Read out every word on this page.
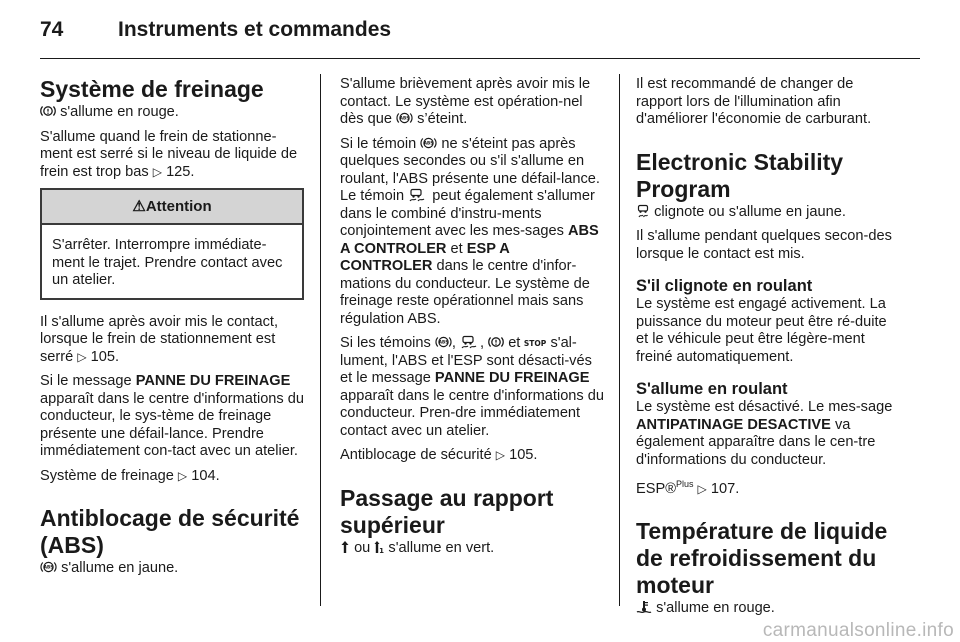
74	Instruments et commandes
Système de freinage

s'allume en rouge.

S'allume quand le frein de stationne-ment est serré si le niveau de liquide de frein est trop bas ▷ 125.

⚠Attention
S'arrêter. Interrompre immédiate-ment le trajet. Prendre contact avec un atelier.

Il s'allume après avoir mis le contact, lorsque le frein de stationnement est serré ▷ 105.

Si le message PANNE DU FREINAGE apparaît dans le centre d'informations du conducteur, le sys-tème de freinage présente une défail-lance. Prendre immédiatement con-tact avec un atelier.

Système de freinage ▷ 104.

Antiblocage de sécurité (ABS)

ABS s'allume en jaune.

S'allume brièvement après avoir mis le contact. Le système est opération-nel dès que ABS s’éteint.

Si le témoin ABS ne s'éteint pas après quelques secondes ou s'il s'allume en roulant, l'ABS présente une défail-lance. Le témoin peut également s'allumer dans le combiné d'instru-ments conjointement avec les mes-sages ABS A CONTROLER et ESP A CONTROLER dans le centre d'infor-mations du conducteur. Le système de freinage reste opérationnel mais sans régulation ABS.

Si les témoins ABS , ,  et STOP s'al-lument, l'ABS et l'ESP sont désacti-vés et le message PANNE DU FREINAGE apparaît dans le centre d'informations du conducteur. Pren-dre immédiatement contact avec un atelier.

Antiblocage de sécurité ▷ 105.

Passage au rapport supérieur

ou 1 s'allume en vert.

Il est recommandé de changer de rapport lors de l'illumination afin d'améliorer l'économie de carburant.

Electronic Stability Program

clignote ou s'allume en jaune.

Il s'allume pendant quelques secon-des lorsque le contact est mis.

S'il clignote en roulant

Le système est engagé activement. La puissance du moteur peut être ré-duite et le véhicule peut être légère-ment freiné automatiquement.

S'allume en roulant

Le système est désactivé. Le mes-sage ANTIPATINAGE DESACTIVE va également apparaître dans le cen-tre d'informations du conducteur.

ESP®$^{Plus}$ ▷ 107.

Température de liquide de refroidissement du moteur

s'allume en rouge.

carmanualsonline.info
